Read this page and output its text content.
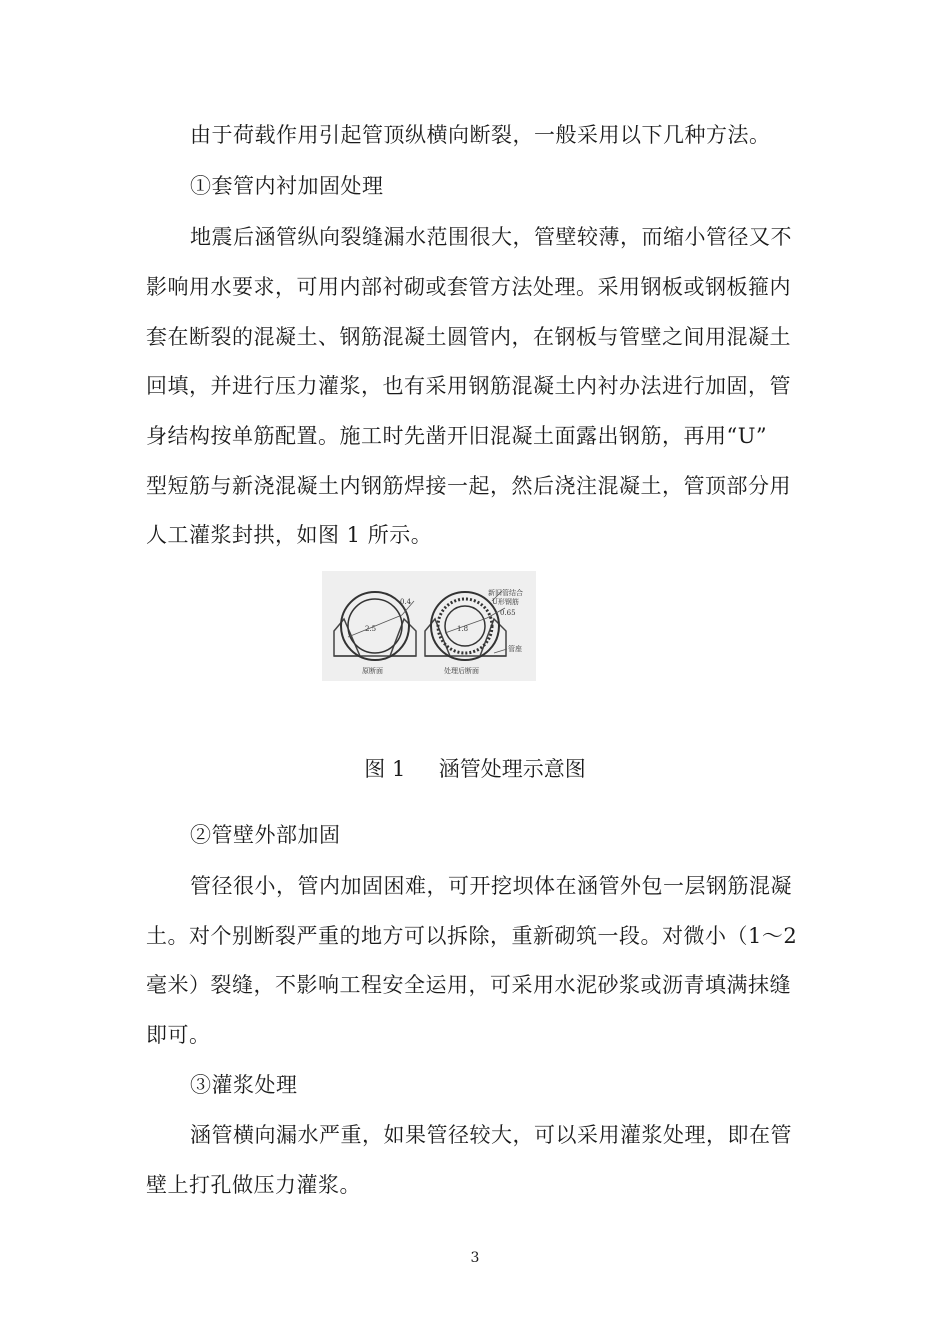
由于荷载作用引起管顶纵横向断裂，一般采用以下几种方法。
①套管内衬加固处理
地震后涵管纵向裂缝漏水范围很大，管壁较薄，而缩小管径又不
影响用水要求，可用内部衬砌或套管方法处理。采用钢板或钢板箍内
套在断裂的混凝土、钢筋混凝土圆管内，在钢板与管壁之间用混凝土
回填，并进行压力灌浆，也有采用钢筋混凝土内衬办法进行加固，管
身结构按单筋配置。施工时先凿开旧混凝土面露出钢筋，再用“U”
型短筋与新浇混凝土内钢筋焊接一起，然后浇注混凝土，管顶部分用
人工灌浆封拱，如图 1 所示。
2.5
0.4
原断面
1.8
0.65
新旧管结合
U形钢筋
管座
处理后断面
图 1     涵管处理示意图
②管壁外部加固
管径很小，管内加固困难，可开挖坝体在涵管外包一层钢筋混凝
土。对个别断裂严重的地方可以拆除，重新砌筑一段。对微小（1～2
毫米）裂缝，不影响工程安全运用，可采用水泥砂浆或沥青填满抹缝
即可。
③灌浆处理
涵管横向漏水严重，如果管径较大，可以采用灌浆处理，即在管
壁上打孔做压力灌浆。
3
